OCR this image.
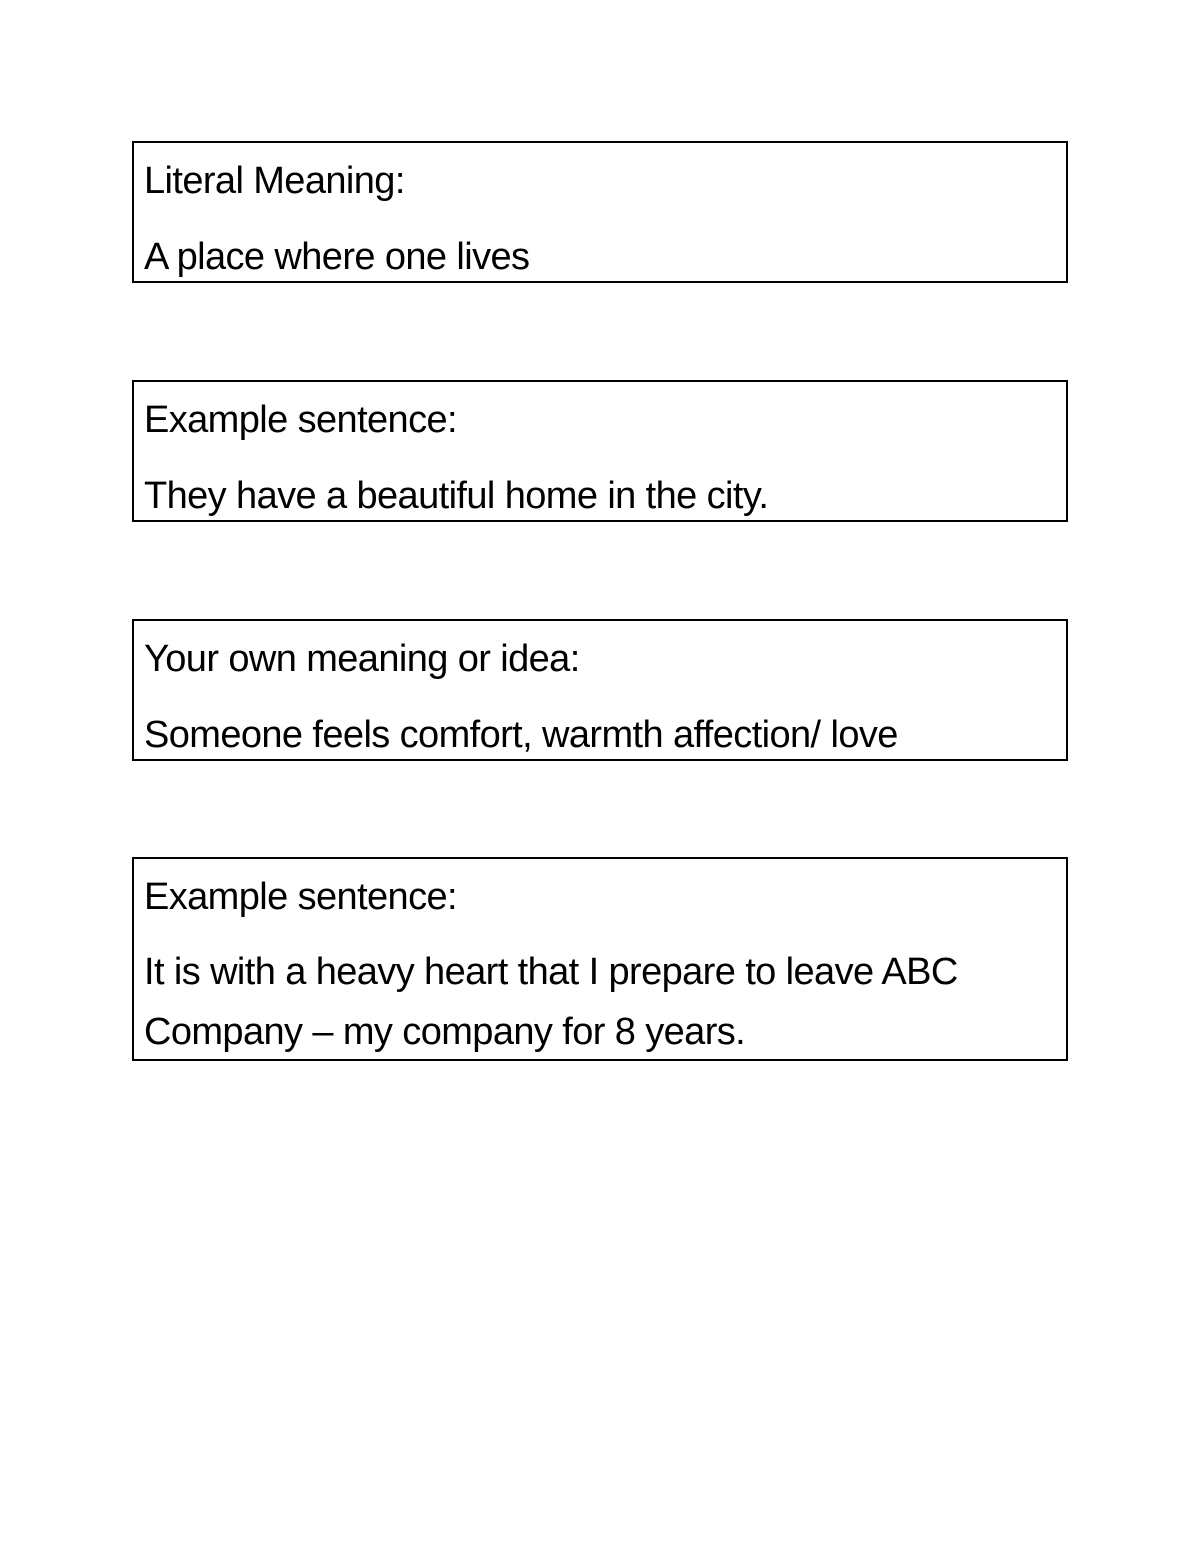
Literal Meaning:
A place where one lives
Example sentence:
They have a beautiful home in the city.
Your own meaning or idea:
Someone feels comfort, warmth affection/ love
Example sentence:
It is with a heavy heart that I prepare to leave ABC Company – my company for 8 years.
